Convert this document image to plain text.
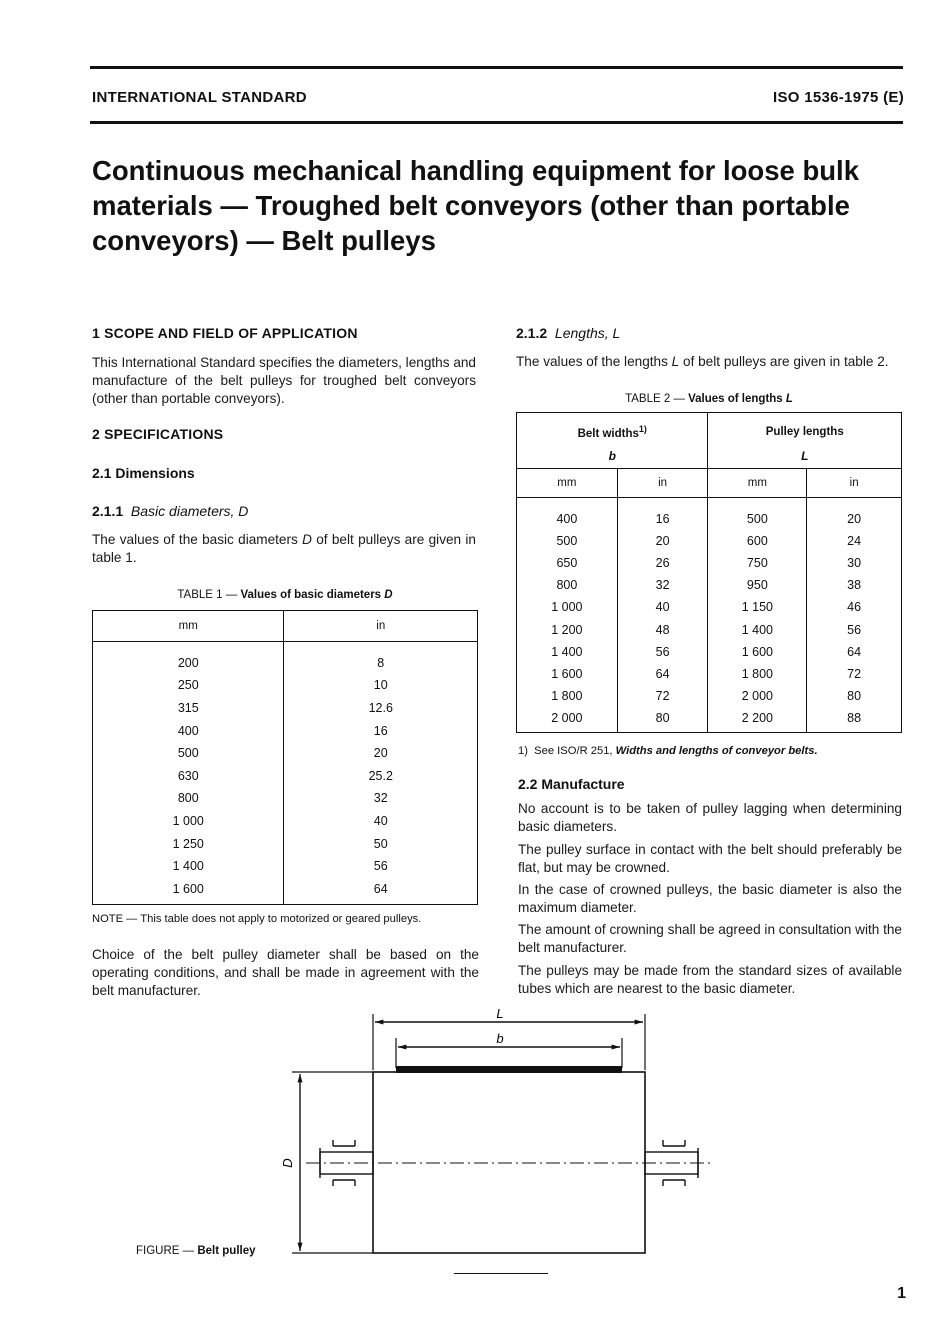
INTERNATIONAL STANDARD	ISO 1536-1975 (E)
Continuous mechanical handling equipment for loose bulk
materials — Troughed belt conveyors (other than portable
conveyors) — Belt pulleys
1 SCOPE AND FIELD OF APPLICATION
This International Standard specifies the diameters, lengths and manufacture of the belt pulleys for troughed belt conveyors (other than portable conveyors).
2 SPECIFICATIONS
2.1 Dimensions
2.1.1 Basic diameters, D
The values of the basic diameters D of belt pulleys are given in table 1.
TABLE 1 — Values of basic diameters D
mm	in

200	8
250	10
315	12.6
400	16
500	20
630	25.2
800	32
1 000	40
1 250	50
1 400	56
1 600	64

NOTE — This table does not apply to motorized or geared pulleys.
Choice of the belt pulley diameter shall be based on the operating conditions, and shall be made in agreement with the belt manufacturer.
2.1.2 Lengths, L
The values of the lengths L of belt pulleys are given in table 2.
TABLE 2 — Values of lengths L
Belt widths$^{1)}$		Pulley lengths	
b		L	
mm	in	mm	in

400	16	500	20
500	20	600	24
650	26	750	30
800	32	950	38
1 000	40	1 150	46
1 200	48	1 400	56
1 400	56	1 600	64
1 600	64	1 800	72
1 800	72	2 000	80
2 000	80	2 200	88

1)  See ISO/R 251, Widths and lengths of conveyor belts.
2.2 Manufacture
No account is to be taken of pulley lagging when determining basic diameters.
The pulley surface in contact with the belt should preferably be flat, but may be crowned.
In the case of crowned pulleys, the basic diameter is also the maximum diameter.
The amount of crowning shall be agreed in consultation with the belt manufacturer.
The pulleys may be made from the standard sizes of available tubes which are nearest to the basic diameter.
L
b
D
FIGURE — Belt pulley
1
